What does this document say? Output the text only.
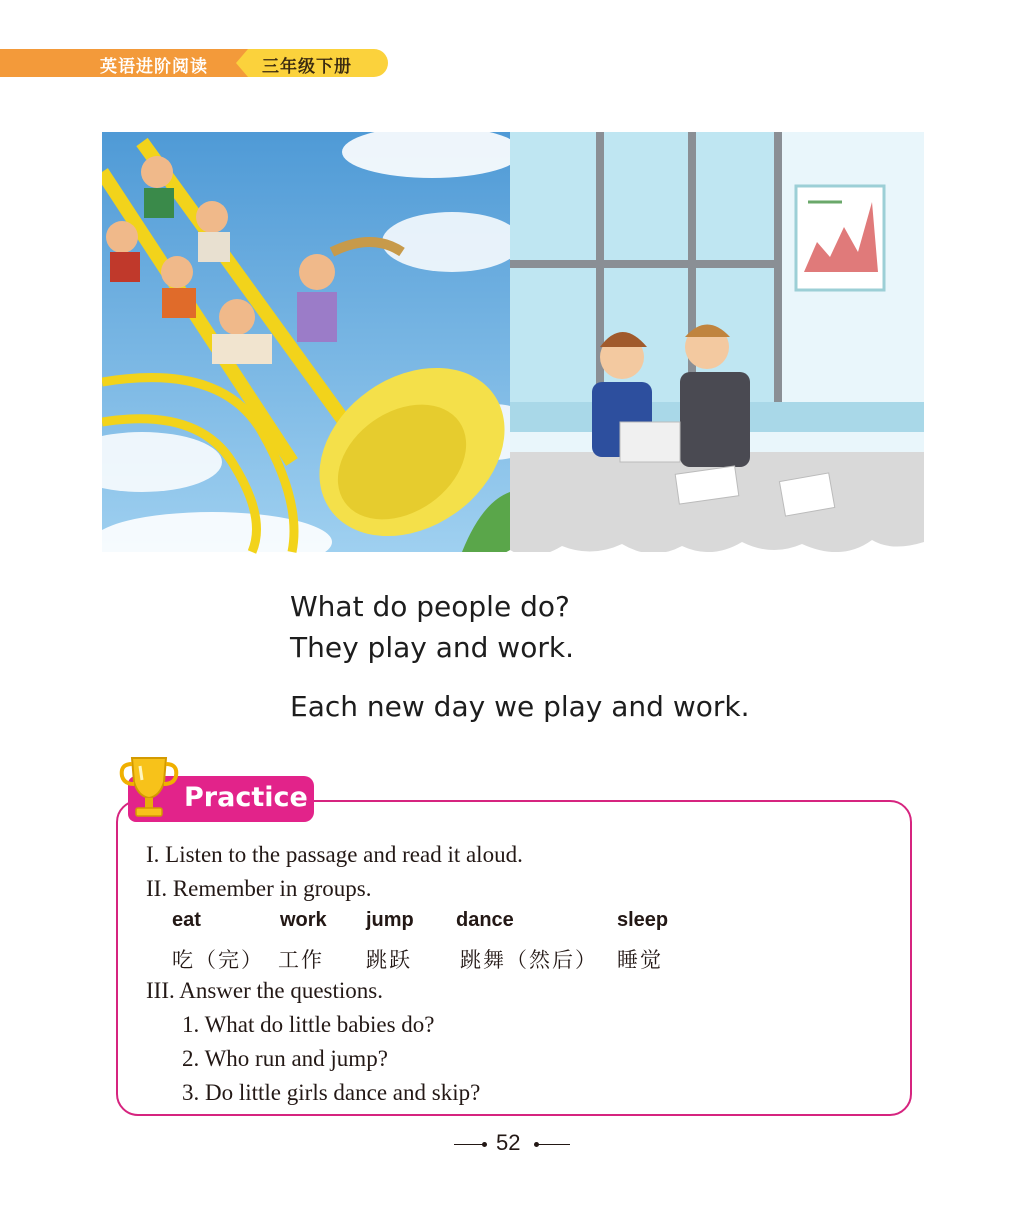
英语进阶阅读	三年级下册
What do people do?
They play and work.
Each new day we play and work.
Practice
I. Listen to the passage and read it aloud.
II. Remember in groups.
eat	work jump dance	sleep
吃（完） 工作 跳跃 跳舞（然后） 睡觉
III. Answer the questions.
1. What do little babies do?
2. Who run and jump?
3. Do little girls dance and skip?
52
